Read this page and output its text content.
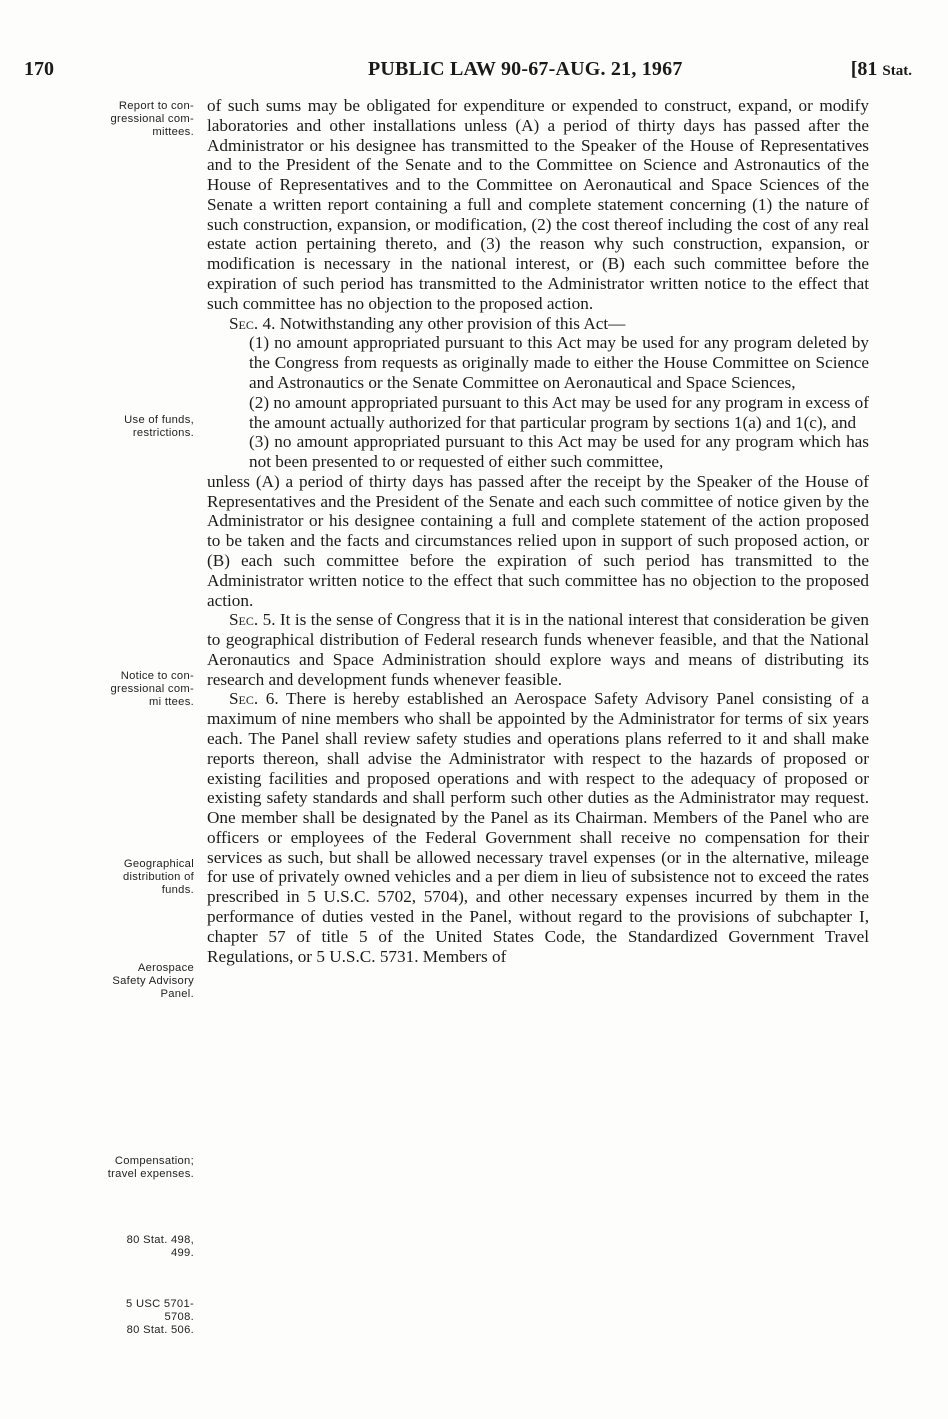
170	PUBLIC LAW 90-67-AUG. 21, 1967	[81 Stat.
Report to con-
gressional com-
mittees.
Use of funds,
restrictions.
Notice to con-
gressional com-
mi ttees.
Geographical
distribution of
funds.
Aerospace
Safety Advisory
Panel.
Compensation;
travel expenses.
80 Stat. 498,
499.
5 USC 5701-
5708.
80 Stat. 506.

of such sums may be obligated for expenditure or expended to construct, expand, or modify laboratories and other installations unless (A) a period of thirty days has passed after the Administrator or his designee has transmitted to the Speaker of the House of Representatives and to the President of the Senate and to the Committee on Science and Astronautics of the House of Representatives and to the Committee on Aeronautical and Space Sciences of the Senate a written report containing a full and complete statement concerning (1) the nature of such construction, expansion, or modification, (2) the cost thereof including the cost of any real estate action pertaining thereto, and (3) the reason why such construction, expansion, or modification is necessary in the national interest, or (B) each such committee before the expiration of such period has transmitted to the Administrator written notice to the effect that such committee has no objection to the proposed action.

Sec. 4. Notwithstanding any other provision of this Act—

(1) no amount appropriated pursuant to this Act may be used for any program deleted by the Congress from requests as originally made to either the House Committee on Science and Astronautics or the Senate Committee on Aeronautical and Space Sciences,

(2) no amount appropriated pursuant to this Act may be used for any program in excess of the amount actually authorized for that particular program by sections 1(a) and 1(c), and

(3) no amount appropriated pursuant to this Act may be used for any program which has not been presented to or requested of either such committee,

unless (A) a period of thirty days has passed after the receipt by the Speaker of the House of Representatives and the President of the Senate and each such committee of notice given by the Administrator or his designee containing a full and complete statement of the action proposed to be taken and the facts and circumstances relied upon in support of such proposed action, or (B) each such committee before the expiration of such period has transmitted to the Administrator written notice to the effect that such committee has no objection to the proposed action.

Sec. 5. It is the sense of Congress that it is in the national interest that consideration be given to geographical distribution of Federal research funds whenever feasible, and that the National Aeronautics and Space Administration should explore ways and means of distributing its research and development funds whenever feasible.

Sec. 6. There is hereby established an Aerospace Safety Advisory Panel consisting of a maximum of nine members who shall be appointed by the Administrator for terms of six years each. The Panel shall review safety studies and operations plans referred to it and shall make reports thereon, shall advise the Administrator with respect to the hazards of proposed or existing facilities and proposed operations and with respect to the adequacy of proposed or existing safety standards and shall perform such other duties as the Administrator may request. One member shall be designated by the Panel as its Chairman. Members of the Panel who are officers or employees of the Federal Government shall receive no compensation for their services as such, but shall be allowed necessary travel expenses (or in the alternative, mileage for use of privately owned vehicles and a per diem in lieu of subsistence not to exceed the rates prescribed in 5 U.S.C. 5702, 5704), and other necessary expenses incurred by them in the performance of duties vested in the Panel, without regard to the provisions of subchapter I, chapter 57 of title 5 of the United States Code, the Standardized Government Travel Regulations, or 5 U.S.C. 5731. Members of
